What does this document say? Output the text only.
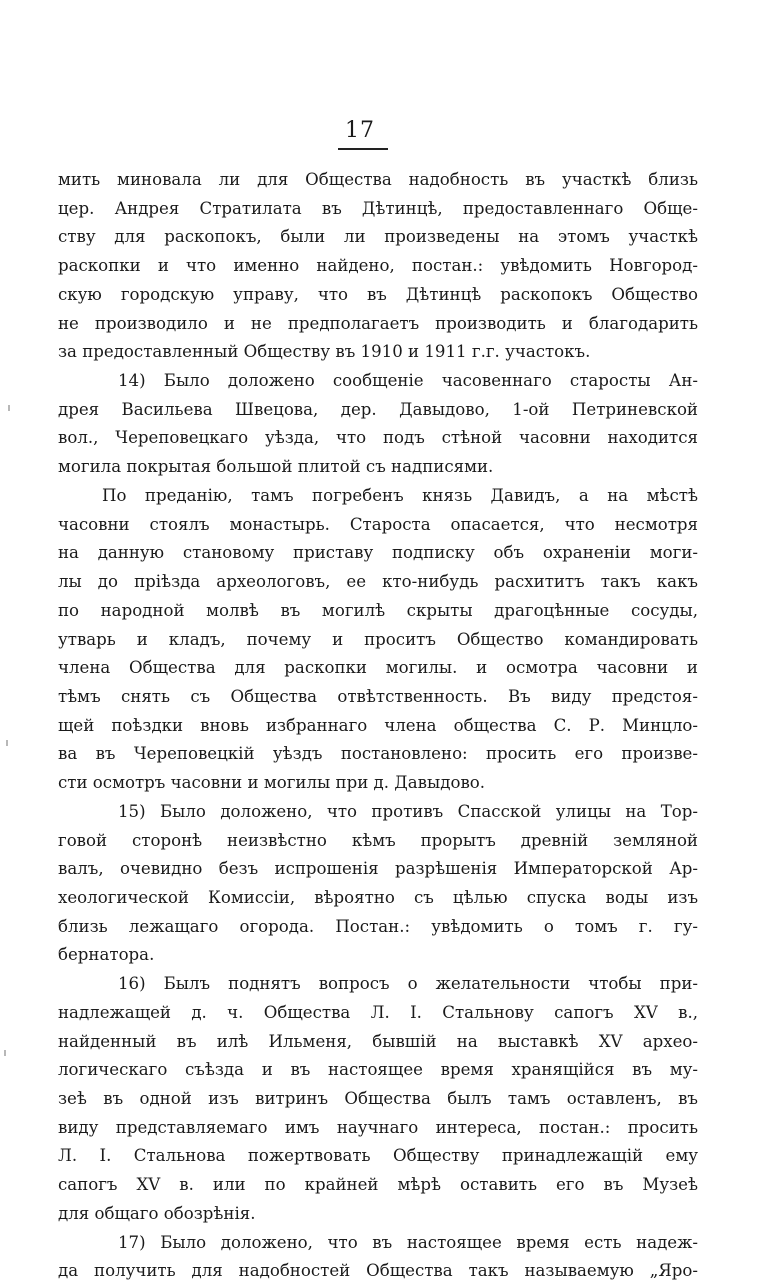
17
мить миновала ли для Общества надобность въ участкѣ близь
цер. Андрея Стратилата въ Дѣтинцѣ, предоставленнаго Обще-
ству для раскопокъ, были ли произведены на этомъ участкѣ
раскопки и что именно найдено, постан.: увѣдомить Новгород-
скую городскую управу, что въ Дѣтинцѣ раскопокъ Общество
не производило и не предполагаетъ производить и благодарить
за предоставленный Обществу въ 1910 и 1911 г.г. участокъ.
14) Было доложено сообщеніе часовеннаго старосты Ан-
дрея Васильева Швецова, дер. Давыдово, 1-ой Петриневской
вол., Череповецкаго уѣзда, что подъ стѣной часовни находится
могила покрытая большой плитой съ надписями.
По преданію, тамъ погребенъ князь Давидъ, а на мѣстѣ
часовни стоялъ монастырь. Староста опасается, что несмотря
на данную становому приставу подписку объ охраненіи моги-
лы до пріѣзда археологовъ, ее кто-нибудь расхититъ такъ какъ
по народной молвѣ въ могилѣ скрыты драгоцѣнные сосуды,
утварь и кладъ, почему и проситъ Общество командировать
члена Общества для раскопки могилы. и осмотра часовни и
тѣмъ снять съ Общества отвѣтственность. Въ виду предстоя-
щей поѣздки вновь избраннаго члена общества С. Р. Минцло-
ва въ Череповецкій уѣздъ постановлено: просить его произве-
сти осмотръ часовни и могилы при д. Давыдово.
15) Было доложено, что противъ Спасской улицы на Тор-
говой сторонѣ неизвѣстно кѣмъ прорытъ древній земляной
валъ, очевидно безъ испрошенія разрѣшенія Императорской Ар-
хеологической Комиссіи, вѣроятно съ цѣлью спуска воды изъ
близь лежащаго огорода. Постан.: увѣдомить о томъ г. гу-
бернатора.
16) Былъ поднятъ вопросъ о желательности чтобы при-
надлежащей д. ч. Общества Л. І. Стальнову сапогъ XV в.,
найденный въ илѣ Ильменя, бывшій на выставкѣ XV архео-
логическаго съѣзда и въ настоящее время хранящійся въ му-
зеѣ въ одной изъ витринъ Общества былъ тамъ оставленъ, въ
виду представляемаго имъ научнаго интереса, постан.: просить
Л. І. Стальнова пожертвовать Обществу принадлежащій ему
сапогъ XV в. или по крайней мѣрѣ оставить его въ Музеѣ
для общаго обозрѣнія.
17) Было доложено, что въ настоящее время есть надеж-
да получить для надобностей Общества такъ называемую „Яро-
